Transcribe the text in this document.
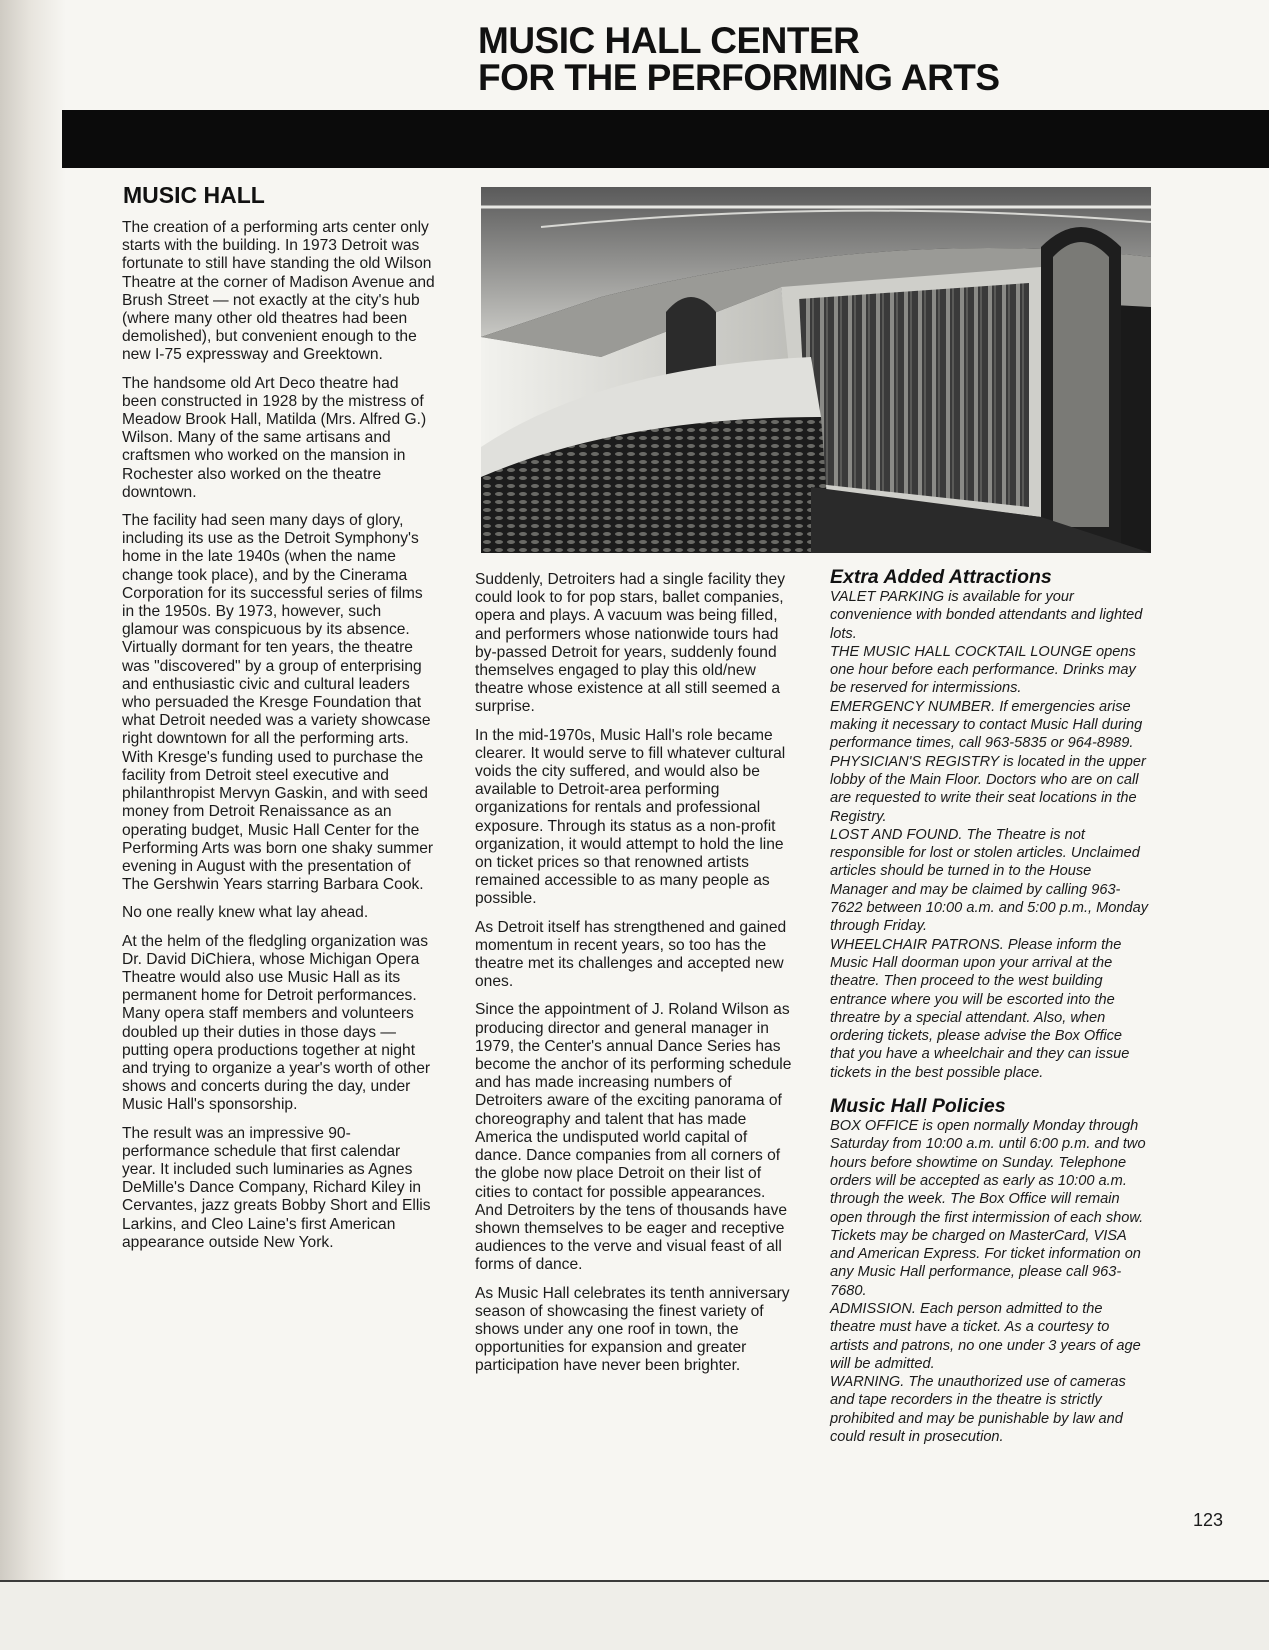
MUSIC HALL CENTER
FOR THE PERFORMING ARTS
MUSIC HALL

The creation of a performing arts center only starts with the building. In 1973 Detroit was fortunate to still have standing the old Wilson Theatre at the corner of Madison Avenue and Brush Street — not exactly at the city's hub (where many other old theatres had been demolished), but convenient enough to the new I-75 expressway and Greektown.

The handsome old Art Deco theatre had been constructed in 1928 by the mistress of Meadow Brook Hall, Matilda (Mrs. Alfred G.) Wilson. Many of the same artisans and craftsmen who worked on the mansion in Rochester also worked on the theatre downtown.

The facility had seen many days of glory, including its use as the Detroit Symphony's home in the late 1940s (when the name change took place), and by the Cinerama Corporation for its successful series of films in the 1950s. By 1973, however, such glamour was conspicuous by its absence. Virtually dormant for ten years, the theatre was "discovered" by a group of enterprising and enthusiastic civic and cultural leaders who persuaded the Kresge Foundation that what Detroit needed was a variety showcase right downtown for all the performing arts. With Kresge's funding used to purchase the facility from Detroit steel executive and philanthropist Mervyn Gaskin, and with seed money from Detroit Renaissance as an operating budget, Music Hall Center for the Performing Arts was born one shaky summer evening in August with the presentation of The Gershwin Years starring Barbara Cook.

No one really knew what lay ahead.

At the helm of the fledgling organization was Dr. David DiChiera, whose Michigan Opera Theatre would also use Music Hall as its permanent home for Detroit performances. Many opera staff members and volunteers doubled up their duties in those days — putting opera productions together at night and trying to organize a year's worth of other shows and concerts during the day, under Music Hall's sponsorship.

The result was an impressive 90-performance schedule that first calendar year. It included such luminaries as Agnes DeMille's Dance Company, Richard Kiley in Cervantes, jazz greats Bobby Short and Ellis Larkins, and Cleo Laine's first American appearance outside New York.

Suddenly, Detroiters had a single facility they could look to for pop stars, ballet companies, opera and plays. A vacuum was being filled, and performers whose nationwide tours had by-passed Detroit for years, suddenly found themselves engaged to play this old/new theatre whose existence at all still seemed a surprise.

In the mid-1970s, Music Hall's role became clearer. It would serve to fill whatever cultural voids the city suffered, and would also be available to Detroit-area performing organizations for rentals and professional exposure. Through its status as a non-profit organization, it would attempt to hold the line on ticket prices so that renowned artists remained accessible to as many people as possible.

As Detroit itself has strengthened and gained momentum in recent years, so too has the theatre met its challenges and accepted new ones.

Since the appointment of J. Roland Wilson as producing director and general manager in 1979, the Center's annual Dance Series has become the anchor of its performing schedule and has made increasing numbers of Detroiters aware of the exciting panorama of choreography and talent that has made America the undisputed world capital of dance. Dance companies from all corners of the globe now place Detroit on their list of cities to contact for possible appearances. And Detroiters by the tens of thousands have shown themselves to be eager and receptive audiences to the verve and visual feast of all forms of dance.

As Music Hall celebrates its tenth anniversary season of showcasing the finest variety of shows under any one roof in town, the opportunities for expansion and greater participation have never been brighter.

Extra Added Attractions

VALET PARKING is available for your convenience with bonded attendants and lighted lots.

THE MUSIC HALL COCKTAIL LOUNGE opens one hour before each performance. Drinks may be reserved for intermissions.

EMERGENCY NUMBER. If emergencies arise making it necessary to contact Music Hall during performance times, call 963-5835 or 964-8989.

PHYSICIAN'S REGISTRY is located in the upper lobby of the Main Floor. Doctors who are on call are requested to write their seat locations in the Registry.

LOST AND FOUND. The Theatre is not responsible for lost or stolen articles. Unclaimed articles should be turned in to the House Manager and may be claimed by calling 963-7622 between 10:00 a.m. and 5:00 p.m., Monday through Friday.

WHEELCHAIR PATRONS. Please inform the Music Hall doorman upon your arrival at the theatre. Then proceed to the west building entrance where you will be escorted into the threatre by a special attendant. Also, when ordering tickets, please advise the Box Office that you have a wheelchair and they can issue tickets in the best possible place.

Music Hall Policies

BOX OFFICE is open normally Monday through Saturday from 10:00 a.m. until 6:00 p.m. and two hours before showtime on Sunday. Telephone orders will be accepted as early as 10:00 a.m. through the week. The Box Office will remain open through the first intermission of each show. Tickets may be charged on MasterCard, VISA and American Express. For ticket information on any Music Hall performance, please call 963-7680.

ADMISSION. Each person admitted to the theatre must have a ticket. As a courtesy to artists and patrons, no one under 3 years of age will be admitted.

WARNING. The unauthorized use of cameras and tape recorders in the theatre is strictly prohibited and may be punishable by law and could result in prosecution.

123
